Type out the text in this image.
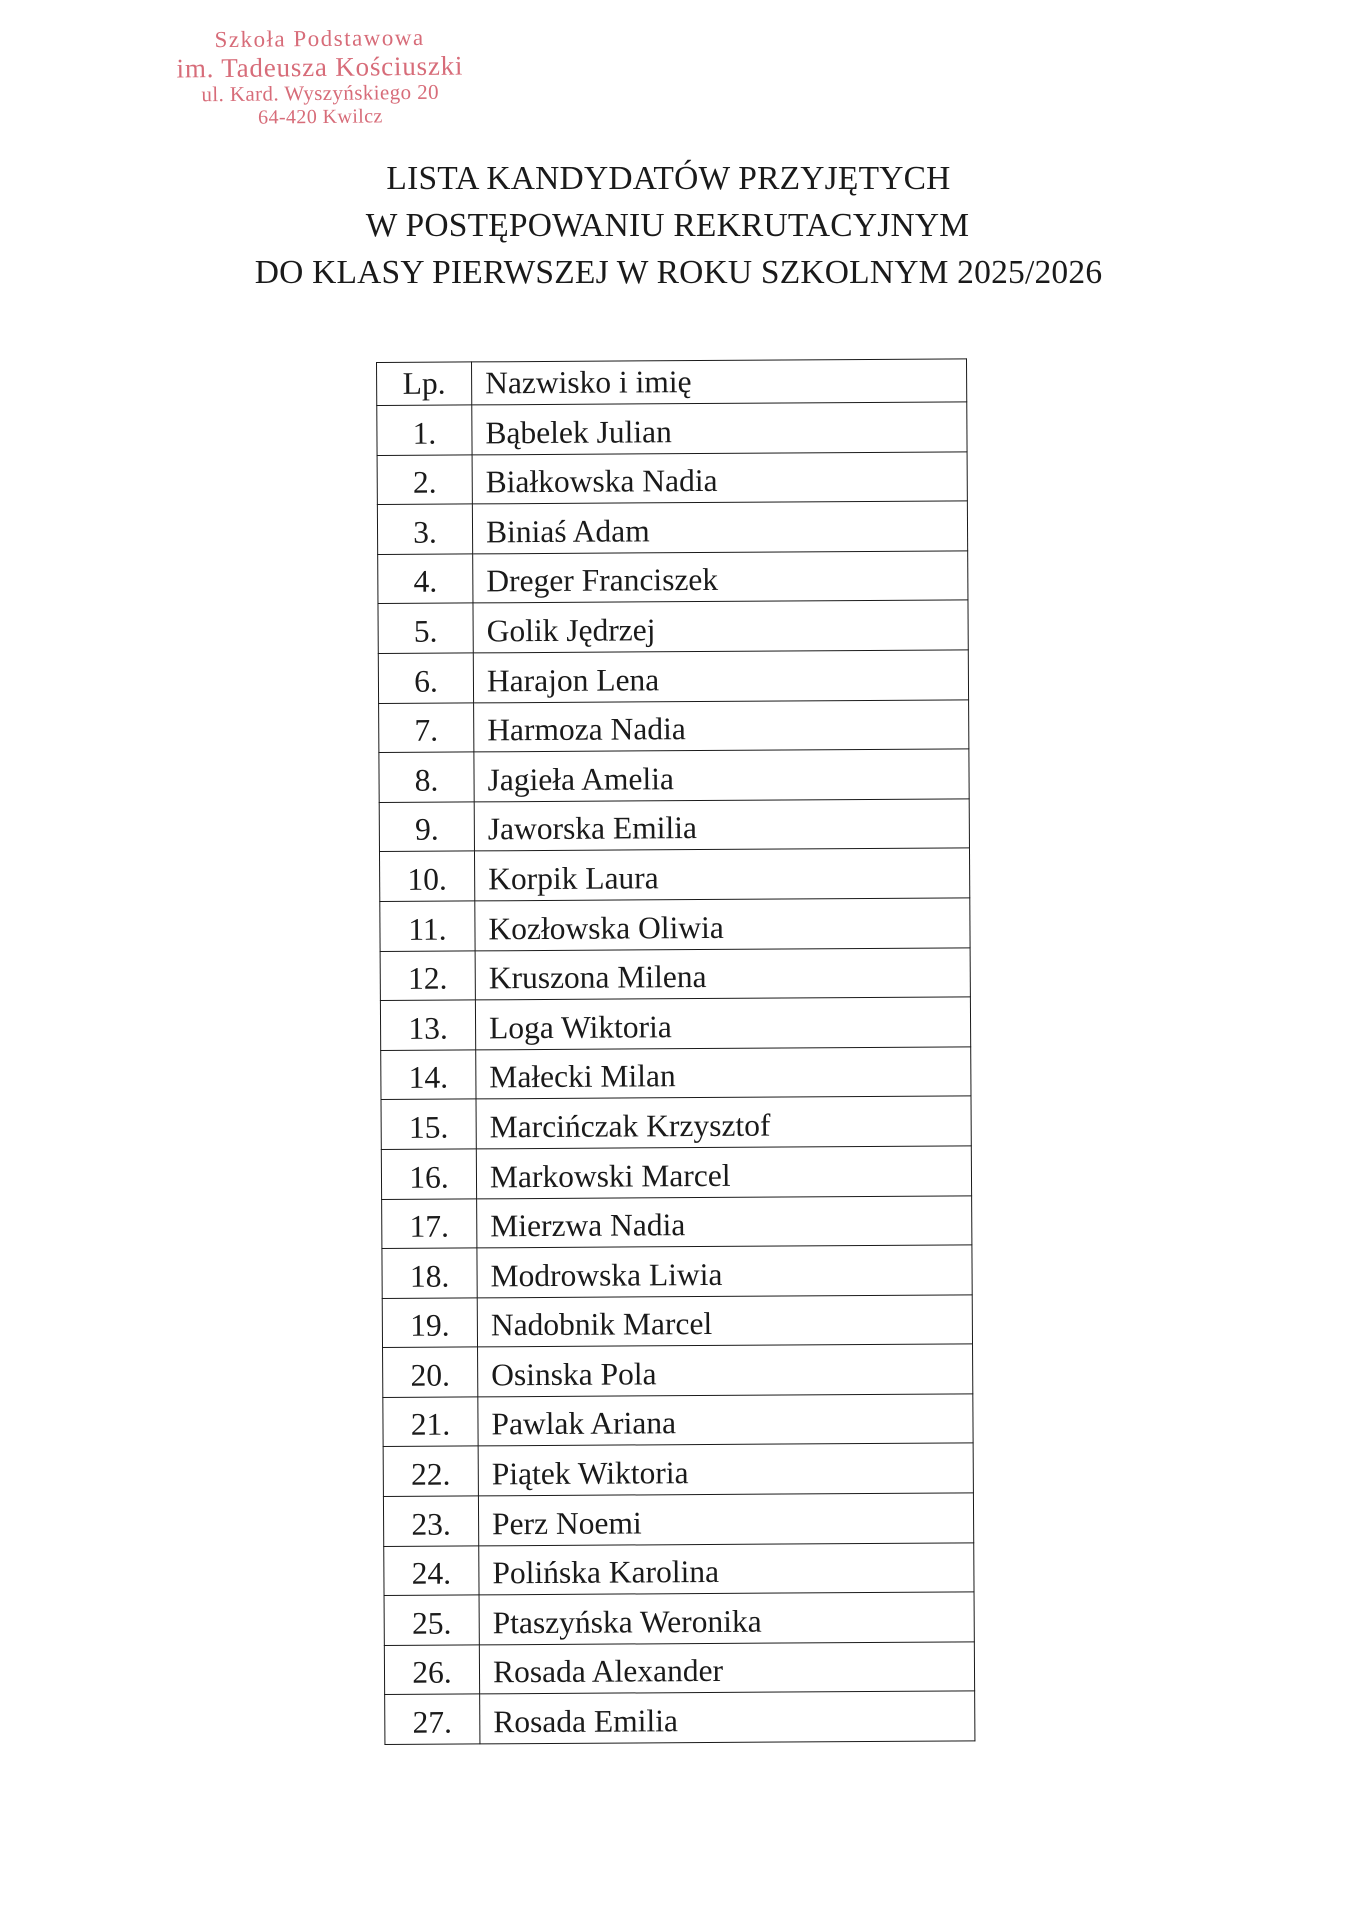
Szkoła Podstawowa
im. Tadeusza Kościuszki
ul. Kard. Wyszyńskiego 20
64-420 Kwilcz
LISTA KANDYDATÓW PRZYJĘTYCH
W POSTĘPOWANIU REKRUTACYJNYM
DO KLASY PIERWSZEJ W ROKU SZKOLNYM 2025/2026
Lp.	Nazwisko i imię
1.	Bąbelek Julian
2.	Białkowska Nadia
3.	Biniaś Adam
4.	Dreger Franciszek
5.	Golik Jędrzej
6.	Harajon Lena
7.	Harmoza Nadia
8.	Jagieła Amelia
9.	Jaworska Emilia
10.	Korpik Laura
11.	Kozłowska Oliwia
12.	Kruszona Milena
13.	Loga Wiktoria
14.	Małecki Milan
15.	Marcińczak Krzysztof
16.	Markowski Marcel
17.	Mierzwa Nadia
18.	Modrowska Liwia
19.	Nadobnik Marcel
20.	Osinska Pola
21.	Pawlak Ariana
22.	Piątek Wiktoria
23.	Perz Noemi
24.	Polińska Karolina
25.	Ptaszyńska Weronika
26.	Rosada Alexander
27.	Rosada Emilia
